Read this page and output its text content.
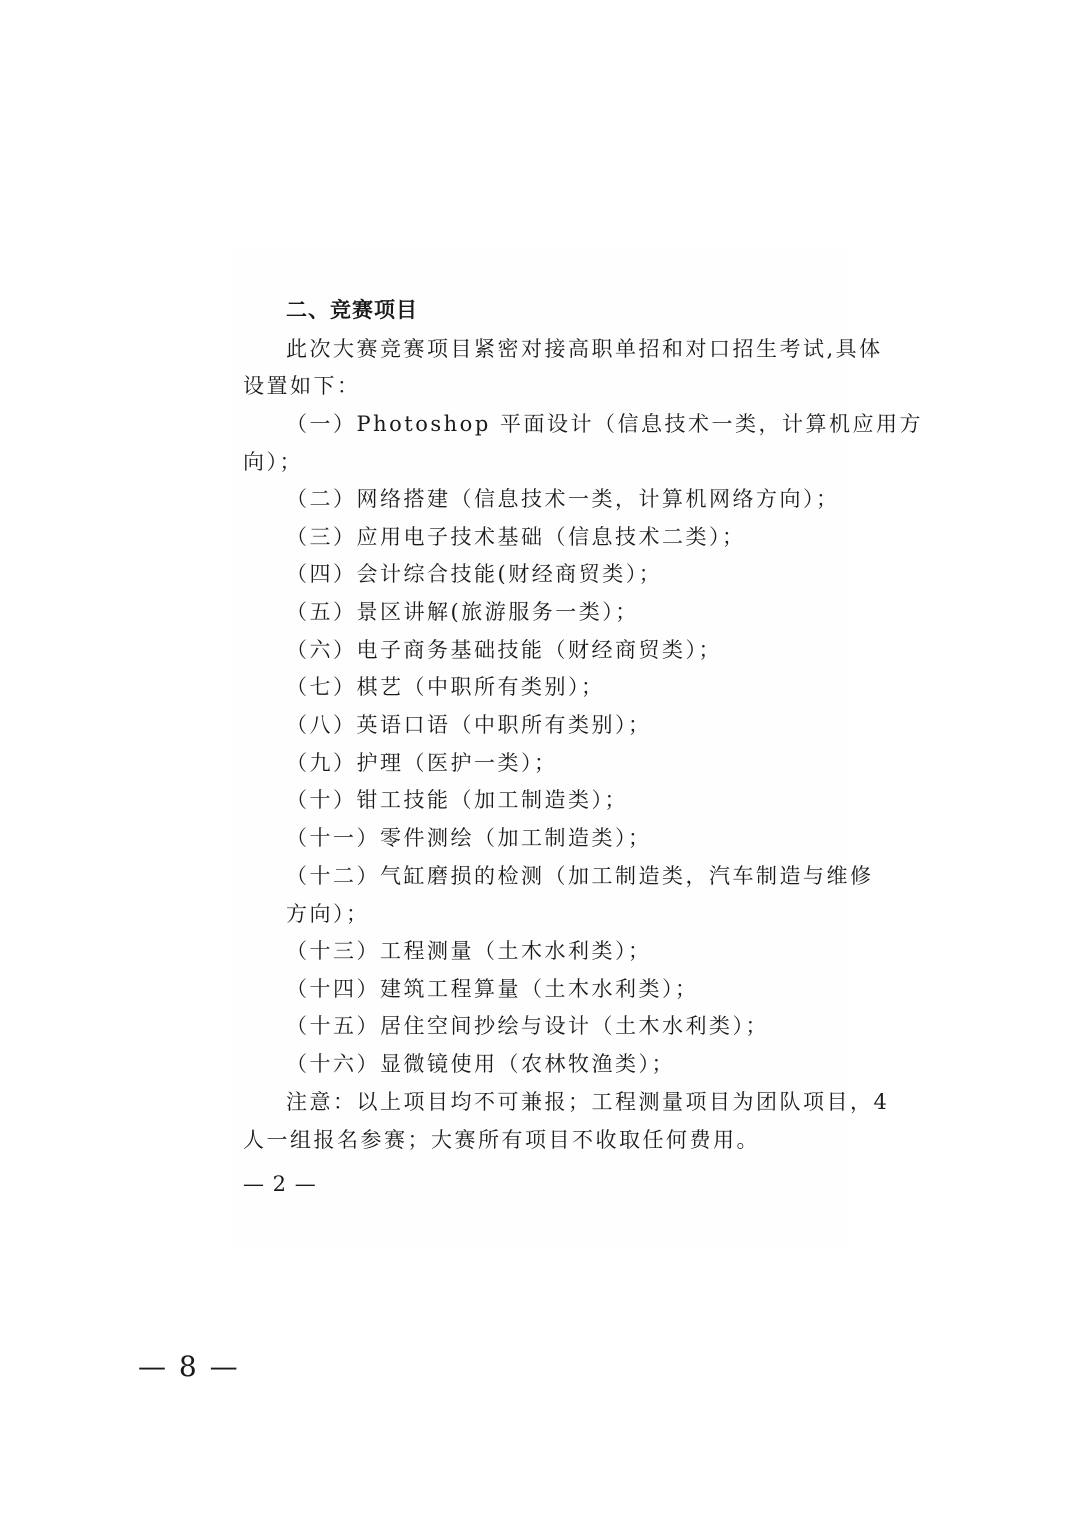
二、竞赛项目
此次大赛竞赛项目紧密对接高职单招和对口招生考试,具体
设置如下：
（一）Photoshop 平面设计（信息技术一类，计算机应用方
向）；
（二）网络搭建（信息技术一类，计算机网络方向）；
（三）应用电子技术基础（信息技术二类）；
（四）会计综合技能(财经商贸类）；
（五）景区讲解(旅游服务一类）；
（六）电子商务基础技能（财经商贸类）；
（七）棋艺（中职所有类别）；
（八）英语口语（中职所有类别）；
（九）护理（医护一类）；
（十）钳工技能（加工制造类）；
（十一）零件测绘（加工制造类）；
（十二）气缸磨损的检测（加工制造类，汽车制造与维修
方向）；
（十三）工程测量（土木水利类）；
（十四）建筑工程算量（土木水利类）；
（十五）居住空间抄绘与设计（土木水利类）；
（十六）显微镜使用（农林牧渔类）；
注意：以上项目均不可兼报；工程测量项目为团队项目，4
人一组报名参赛；大赛所有项目不收取任何费用。
— 2 —
— 8 —
